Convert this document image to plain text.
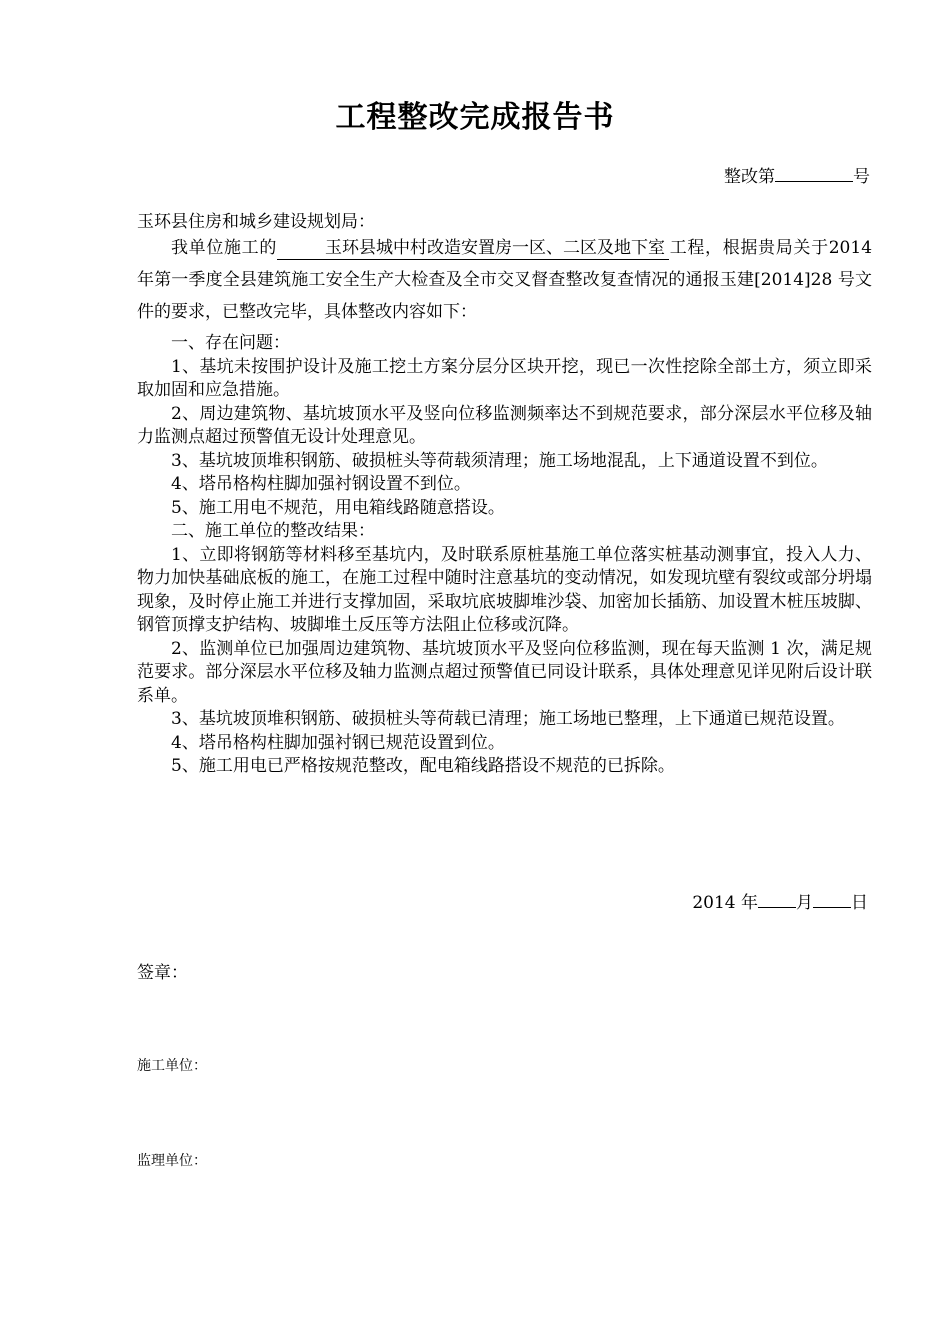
工程整改完成报告书
整改第	号
玉环县住房和城乡建设规划局：

我单位施工的	玉环县城中村改造安置房一区、二区及地下室 工程，根据贵局关于2014 年第一季度全县建筑施工安全生产大检查及全市交叉督查整改复查情况的通报玉建[2014]28 号文件的要求，已整改完毕，具体整改内容如下：

一、存在问题：

1、基坑未按围护设计及施工挖土方案分层分区块开挖，现已一次性挖除全部土方，须立即采取加固和应急措施。

2、周边建筑物、基坑坡顶水平及竖向位移监测频率达不到规范要求，部分深层水平位移及轴力监测点超过预警值无设计处理意见。

3、基坑坡顶堆积钢筋、破损桩头等荷载须清理；施工场地混乱，上下通道设置不到位。

4、塔吊格构柱脚加强衬钢设置不到位。

5、施工用电不规范，用电箱线路随意搭设。

二、施工单位的整改结果：

1、立即将钢筋等材料移至基坑内，及时联系原桩基施工单位落实桩基动测事宜，投入人力、物力加快基础底板的施工，在施工过程中随时注意基坑的变动情况，如发现坑壁有裂纹或部分坍塌现象，及时停止施工并进行支撑加固，采取坑底坡脚堆沙袋、加密加长插筋、加设置木桩压坡脚、钢管顶撑支护结构、坡脚堆土反压等方法阻止位移或沉降。

2、监测单位已加强周边建筑物、基坑坡顶水平及竖向位移监测，现在每天监测 1 次，满足规范要求。部分深层水平位移及轴力监测点超过预警值已同设计联系，具体处理意见详见附后设计联系单。

3、基坑坡顶堆积钢筋、破损桩头等荷载已清理；施工场地已整理，上下通道已规范设置。

4、塔吊格构柱脚加强衬钢已规范设置到位。

5、施工用电已严格按规范整改，配电箱线路搭设不规范的已拆除。

2014 年 月 日
签章：
施工单位：
监理单位：
